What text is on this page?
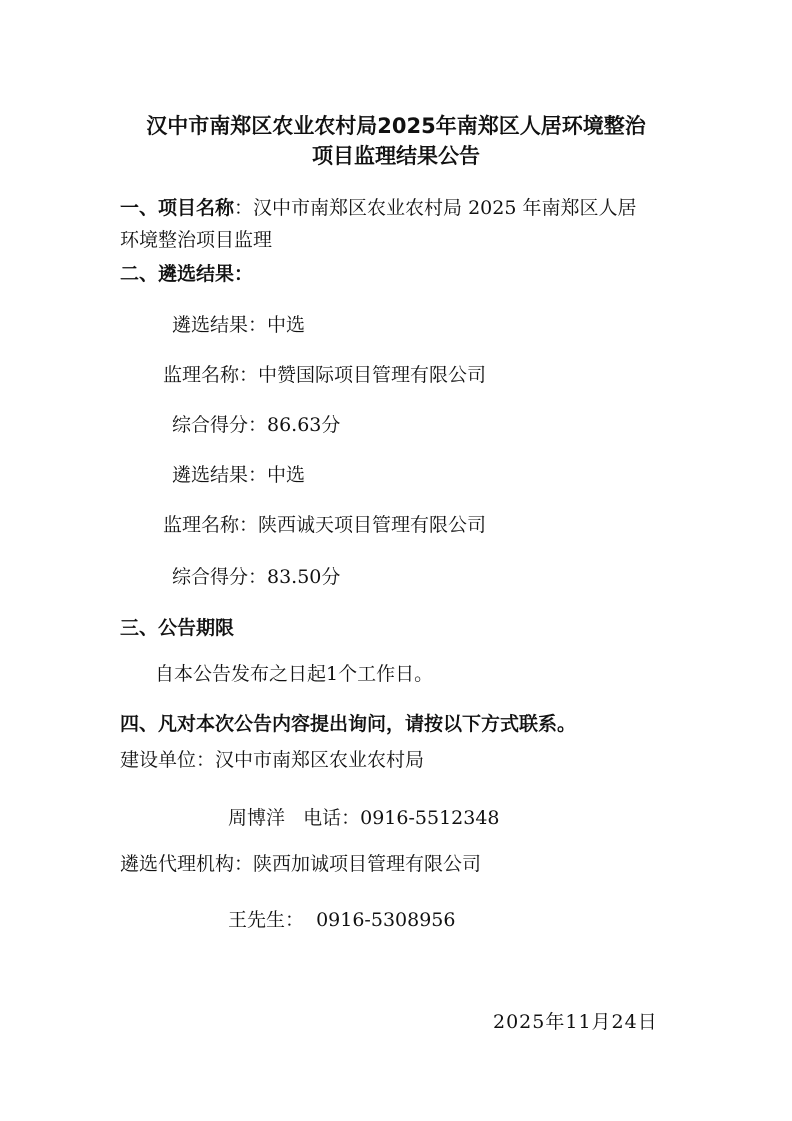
汉中市南郑区农业农村局2025年南郑区人居环境整治
项目监理结果公告

一、项目名称：汉中市南郑区农业农村局 2025 年南郑区人居

环境整治项目监理

二、遴选结果：

遴选结果：中选

监理名称：中赞国际项目管理有限公司

综合得分：86.63分

遴选结果：中选

监理名称：陕西诚天项目管理有限公司

综合得分：83.50分

三、公告期限

自本公告发布之日起1个工作日。

四、凡对本次公告内容提出询问，请按以下方式联系。

建设单位：汉中市南郑区农业农村局

周博洋   电话：0916-5512348

遴选代理机构：陕西加诚项目管理有限公司

王先生：  0916-5308956

2025年11月24日
